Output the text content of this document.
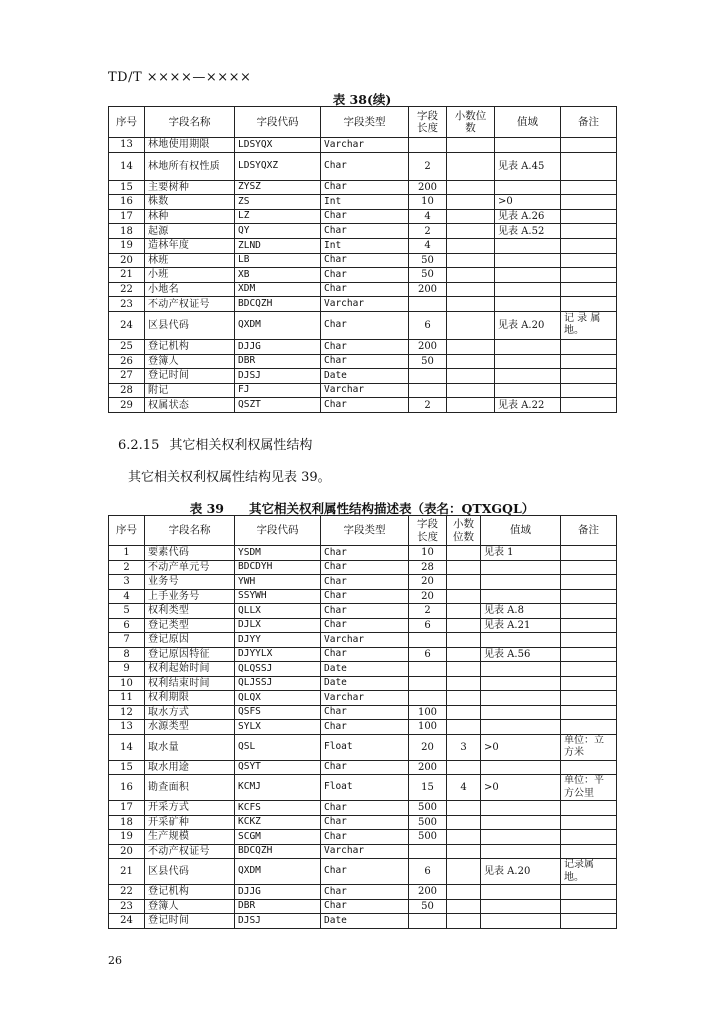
TD/T ××××—××××
表 38(续)
序号	字段名称	字段代码	字段类型	字段长度	小数位数	值域	备注
13	林地使用期限	LDSYQX	Varchar				
14	林地所有权性质	LDSYQXZ	Char	2		见表 A.45	
15	主要树种	ZYSZ	Char	200			
16	株数	ZS	Int	10		>0	
17	林种	LZ	Char	4		见表 A.26	
18	起源	QY	Char	2		见表 A.52	
19	造林年度	ZLND	Int	4			
20	林班	LB	Char	50			
21	小班	XB	Char	50			
22	小地名	XDM	Char	200			
23	不动产权证号	BDCQZH	Varchar				
24	区县代码	QXDM	Char	6		见表 A.20	记 录 属地。
25	登记机构	DJJG	Char	200			
26	登簿人	DBR	Char	50			
27	登记时间	DJSJ	Date				
28	附记	FJ	Varchar				
29	权属状态	QSZT	Char	2		见表 A.22	
6.2.15 其它相关权利权属性结构
其它相关权利权属性结构见表 39。
表 39　　其它相关权利属性结构描述表（表名：QTXGQL）
序号	字段名称	字段代码	字段类型	字段长度	小数位数	值域	备注
1	要素代码	YSDM	Char	10		见表 1	
2	不动产单元号	BDCDYH	Char	28			
3	业务号	YWH	Char	20			
4	上手业务号	SSYWH	Char	20			
5	权利类型	QLLX	Char	2		见表 A.8	
6	登记类型	DJLX	Char	6		见表 A.21	
7	登记原因	DJYY	Varchar				
8	登记原因特征	DJYYLX	Char	6		见表 A.56	
9	权利起始时间	QLQSSJ	Date				
10	权利结束时间	QLJSSJ	Date				
11	权利期限	QLQX	Varchar				
12	取水方式	QSFS	Char	100			
13	水源类型	SYLX	Char	100			
14	取水量	QSL	Float	20	3	>0	单位：立方米
15	取水用途	QSYT	Char	200			
16	勘查面积	KCMJ	Float	15	4	>0	单位：平方公里
17	开采方式	KCFS	Char	500			
18	开采矿种	KCKZ	Char	500			
19	生产规模	SCGM	Char	500			
20	不动产权证号	BDCQZH	Varchar				
21	区县代码	QXDM	Char	6		见表 A.20	记录属地。
22	登记机构	DJJG	Char	200			
23	登簿人	DBR	Char	50			
24	登记时间	DJSJ	Date				
26
